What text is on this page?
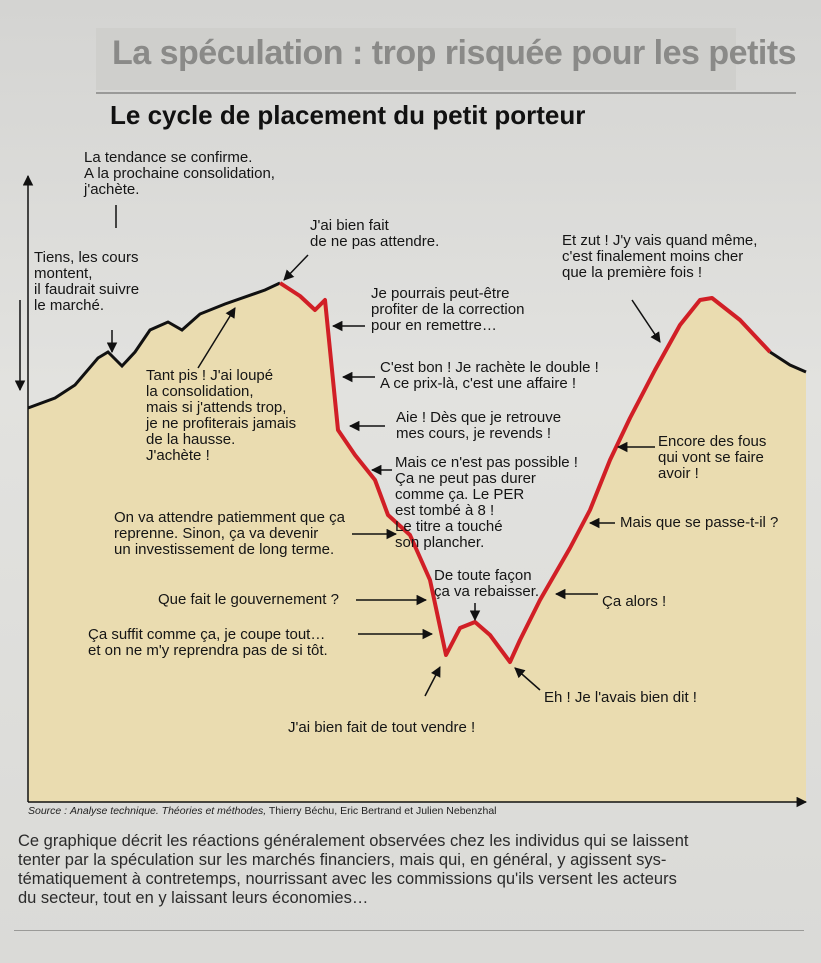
La spéculation : trop risquée pour les petits
Le cycle de placement du petit porteur
La tendance se confirme.
A la prochaine consolidation,
j'achète.
Tiens, les cours
montent,
il faudrait suivre
le marché.
J'ai bien fait
de ne pas attendre.
Tant pis ! J'ai loupé
la consolidation,
mais si j'attends trop,
je ne profiterais jamais
de la hausse.
J'achète !
Je pourrais peut-être
profiter de la correction
pour en remettre…
C'est bon ! Je rachète le double !
A ce prix-là, c'est une affaire !
Aie ! Dès que je retrouve
mes cours, je revends !
Mais ce n'est pas possible !
Ça ne peut pas durer
comme ça. Le PER
est tombé à 8 !
Le titre a touché
son plancher.
On va attendre patiemment que ça
reprenne. Sinon, ça va devenir
un investissement de long terme.
Que fait le gouvernement ?
Ça suffit comme ça, je coupe tout…
et on ne m'y reprendra pas de si tôt.
De toute façon
ça va rebaisser.
J'ai bien fait de tout vendre !
Eh ! Je l'avais bien dit !
Ça alors !
Mais que se passe-t-il ?
Encore des fous
qui vont se faire
avoir !
Et zut ! J'y vais quand même,
c'est finalement moins cher
que la première fois !
Source : Analyse technique. Théories et méthodes, Thierry Béchu, Eric Bertrand et Julien Nebenzhal
Ce graphique décrit les réactions généralement observées chez les individus qui se laissent
tenter par la spéculation sur les marchés financiers, mais qui, en général, y agissent sys-
tématiquement à contretemps, nourrissant avec les commissions qu'ils versent les acteurs
du secteur, tout en y laissant leurs économies…
